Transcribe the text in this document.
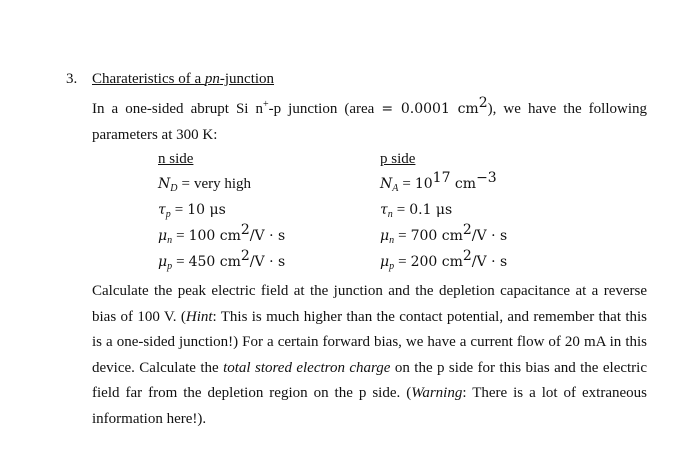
3. Charateristics of a pn-junction
In a one-sided abrupt Si n+-p junction (area = 0.0001 $cm^2$), we have the following parameters at 300 K:
n side
$N_D$ = very high
$\tau_p = 10$ μs
$\mu_n = 100$ $cm^2/V \cdot s$
$\mu_p = 450$ $cm^2/V \cdot s$
p side
$N_A = 10^{17}$ $cm^{-3}$
$\tau_n = 0.1$ μs
$\mu_n = 700$ $cm^2/V \cdot s$
$\mu_p = 200$ $cm^2/V \cdot s$
Calculate the peak electric field at the junction and the depletion capacitance at a reverse bias of 100 V. (Hint: This is much higher than the contact potential, and remember that this is a one-sided junction!) For a certain forward bias, we have a current flow of 20 mA in this device. Calculate the total stored electron charge on the p side for this bias and the electric field far from the depletion region on the p side. (Warning: There is a lot of extraneous information here!).
